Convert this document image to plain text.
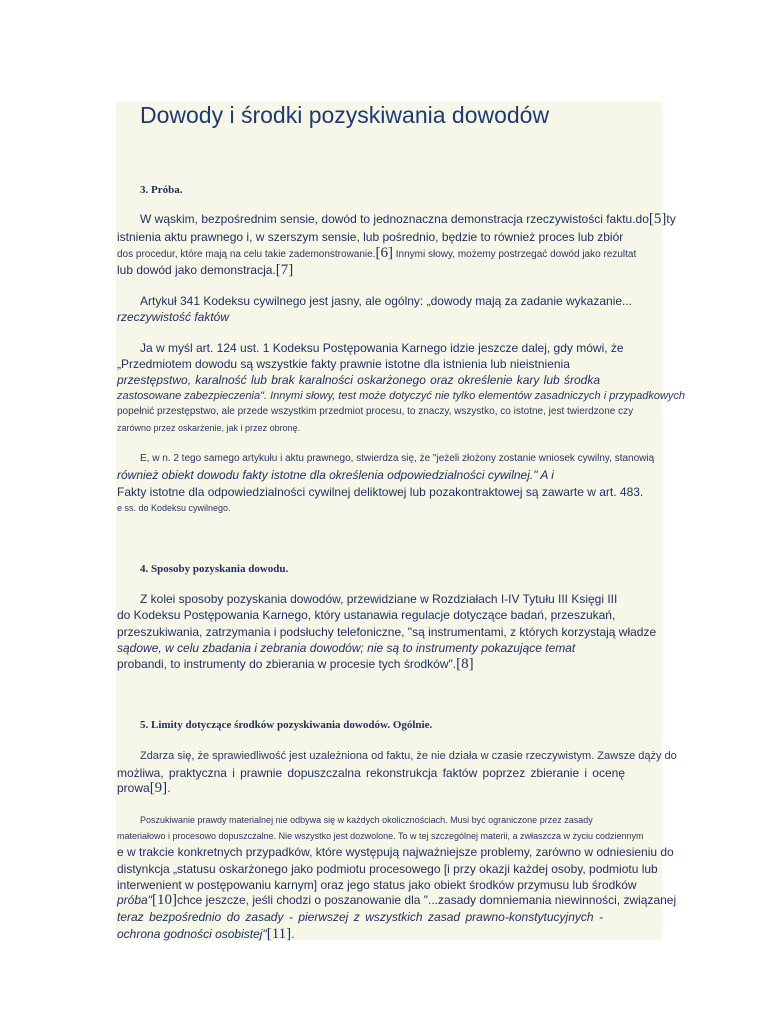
Dowody i środki pozyskiwania dowodów
3. Próba.
W wąskim, bezpośrednim sensie, dowód to jednoznaczna demonstracja rzeczywistości faktu.do[5]ty
istnienia aktu prawnego i, w szerszym sensie, lub pośrednio, będzie to również proces lub zbiór
dos procedur, które mają na celu takie zademonstrowanie.[6] Innymi słowy, możemy postrzegać dowód jako rezultat
lub dowód jako demonstracja.[7]
Artykuł 341 Kodeksu cywilnego jest jasny, ale ogólny: „dowody mają za zadanie wykazanie...
rzeczywistość faktów
Ja w myśl art. 124 ust. 1 Kodeksu Postępowania Karnego idzie jeszcze dalej, gdy mówi, że
„Przedmiotem dowodu są wszystkie fakty prawnie istotne dla istnienia lub nieistnienia
przestępstwo, karalność lub brak karalności oskarżonego oraz określenie kary lub środka
zastosowane zabezpieczenia". Innymi słowy, test może dotyczyć nie tylko elementów zasadniczych i przypadkowych
popełnić przestępstwo, ale przede wszystkim przedmiot procesu, to znaczy, wszystko, co istotne, jest twierdzone czy
zarówno przez oskarżenie, jak i przez obronę.
E, w n. 2 tego samego artykułu i aktu prawnego, stwierdza się, że "jeżeli złożony zostanie wniosek cywilny, stanowią
również obiekt dowodu fakty istotne dla określenia odpowiedzialności cywilnej." A i
Fakty istotne dla odpowiedzialności cywilnej deliktowej lub pozakontraktowej są zawarte w art. 483.
e ss. do Kodeksu cywilnego.
4. Sposoby pozyskania dowodu.
Z kolei sposoby pozyskania dowodów, przewidziane w Rozdziałach I-IV Tytułu III Księgi III
do Kodeksu Postępowania Karnego, który ustanawia regulacje dotyczące badań, przeszukań,
przeszukiwania, zatrzymania i podsłuchy telefoniczne, "są instrumentami, z których korzystają władze
sądowe, w celu zbadania i zebrania dowodów; nie są to instrumenty pokazujące temat
probandi, to instrumenty do zbierania w procesie tych środków".[8]
5. Limity dotyczące środków pozyskiwania dowodów. Ogólnie.
Zdarza się, że sprawiedliwość jest uzależniona od faktu, że nie działa w czasie rzeczywistym. Zawsze dąży do
możliwa, praktyczna i prawnie dopuszczalna rekonstrukcja faktów poprzez zbieranie i ocenę
prowa[9].
Poszukiwanie prawdy materialnej nie odbywa się w każdych okolicznościach. Musi być ograniczone przez zasady
materiałowo i procesowo dopuszczalne. Nie wszystko jest dozwolone. To w tej szczególnej materii, a zwłaszcza w życiu codziennym
e w trakcie konkretnych przypadków, które występują najważniejsze problemy, zarówno w odniesieniu do
distynkcja „statusu oskarżonego jako podmiotu procesowego [i przy okazji każdej osoby, podmiotu lub
interwenient w postępowaniu karnym] oraz jego status jako obiekt środków przymusu lub środków
próba"[10]chce jeszcze, jeśli chodzi o poszanowanie dla "...zasady domniemania niewinności, związanej
teraz bezpośrednio do zasady - pierwszej z wszystkich zasad prawno-konstytucyjnych -
ochrona godności osobistej"[11].
